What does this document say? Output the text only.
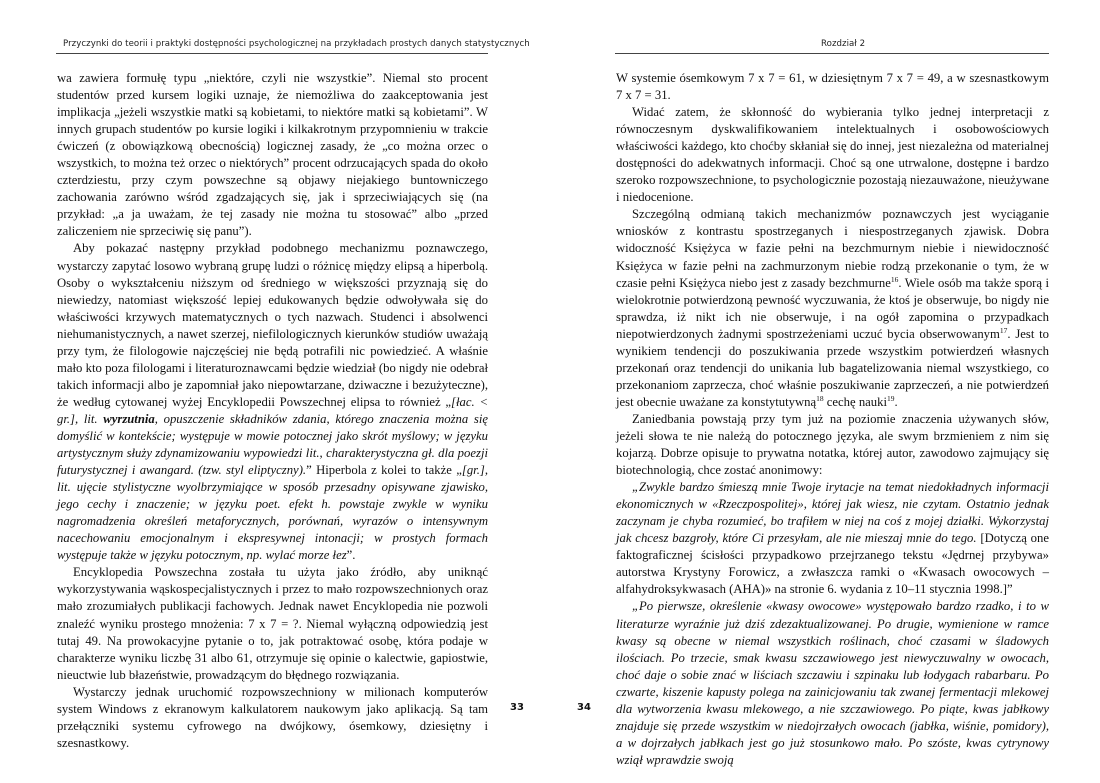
Przyczynki do teorii i praktyki dostępności psychologicznej na przykładach prostych danych statystycznych

wa zawiera formułę typu „niektóre, czyli nie wszystkie”. Niemal sto procent studentów przed kursem logiki uznaje, że niemożliwa do zaakceptowania jest implikacja „jeżeli wszystkie matki są kobietami, to niektóre matki są kobietami”. W innych grupach studentów po kursie logiki i kilkakrotnym przypomnieniu w trakcie ćwiczeń (z obowiązkową obecnością) logicznej zasady, że „co można orzec o wszystkich, to można też orzec o niektórych” procent odrzucających spada do około czterdziestu, przy czym powszechne są objawy niejakiego buntowniczego zachowania zarówno wśród zgadzających się, jak i sprzeciwiających się (na przykład: „a ja uważam, że tej zasady nie można tu stosować” albo „przed zaliczeniem nie sprzeciwię się panu”).

Aby pokazać następny przykład podobnego mechanizmu poznawczego, wystarczy zapytać losowo wybraną grupę ludzi o różnicę między elipsą a hiperbolą. Osoby o wykształceniu niższym od średniego w większości przyznają się do niewiedzy, natomiast większość lepiej edukowanych będzie odwoływała się do właściwości krzywych matematycznych o tych nazwach. Studenci i absolwenci niehumanistycznych, a nawet szerzej, niefilologicznych kierunków studiów uważają przy tym, że filologowie najczęściej nie będą potrafili nic powiedzieć. A właśnie mało kto poza filologami i literaturoznawcami będzie wiedział (bo nigdy nie odebrał takich informacji albo je zapomniał jako niepowtarzane, dziwaczne i bezużyteczne), że według cytowanej wyżej Encyklopedii Powszechnej elipsa to również „[łac. < gr.], lit. wyrzutnia, opuszczenie składników zdania, którego znaczenia można się domyślić w kontekście; występuje w mowie potocznej jako skrót myślowy; w języku artystycznym służy zdynamizowaniu wypowiedzi lit., charakterystyczna gł. dla poezji futurystycznej i awangard. (tzw. styl eliptyczny).” Hiperbola z kolei to także „[gr.], lit. ujęcie stylistyczne wyolbrzymiające w sposób przesadny opisywane zjawisko, jego cechy i znaczenie; w języku poet. efekt h. powstaje zwykle w wyniku nagromadzenia określeń metaforycznych, porównań, wyrazów o intensywnym nacechowaniu emocjonalnym i ekspresywnej intonacji; w prostych formach występuje także w języku potocznym, np. wylać morze łez”.

Encyklopedia Powszechna została tu użyta jako źródło, aby uniknąć wykorzystywania wąskospecjalistycznych i przez to mało rozpowszechnionych oraz mało zrozumiałych publikacji fachowych. Jednak nawet Encyklopedia nie pozwoli znaleźć wyniku prostego mnożenia: 7 x 7 = ?. Niemal wyłączną odpowiedzią jest tutaj 49. Na prowokacyjne pytanie o to, jak potraktować osobę, która podaje w charakterze wyniku liczbę 31 albo 61, otrzymuje się opinie o kalectwie, gapiostwie, nieuctwie lub błazeństwie, prowadzącym do błędnego rozwiązania.

Wystarczy jednak uruchomić rozpowszechniony w milionach komputerów system Windows z ekranowym kalkulatorem naukowym jako aplikacją. Są tam przełączniki systemu cyfrowego na dwójkowy, ósemkowy, dziesiętny i szesnastkowy.

33
Rozdział 2

W systemie ósemkowym 7 x 7 = 61, w dziesiętnym 7 x 7 = 49, a w szesnastkowym 7 x 7 = 31.

Widać zatem, że skłonność do wybierania tylko jednej interpretacji z równoczesnym dyskwalifikowaniem intelektualnych i osobowościowych właściwości każdego, kto choćby skłaniał się do innej, jest niezależna od materialnej dostępności do adekwatnych informacji. Choć są one utrwalone, dostępne i bardzo szeroko rozpowszechnione, to psychologicznie pozostają niezauważone, nieużywane i niedocenione.

Szczególną odmianą takich mechanizmów poznawczych jest wyciąganie wniosków z kontrastu spostrzeganych i niespostrzeganych zjawisk. Dobra widoczność Księżyca w fazie pełni na bezchmurnym niebie i niewidoczność Księżyca w fazie pełni na zachmurzonym niebie rodzą przekonanie o tym, że w czasie pełni Księżyca niebo jest z zasady bezchmurne$^{16}$. Wiele osób ma także sporą i wielokrotnie potwierdzoną pewność wyczuwania, że ktoś je obserwuje, bo nigdy nie sprawdza, iż nikt ich nie obserwuje, i na ogół zapomina o przypadkach niepotwierdzonych żadnymi spostrzeżeniami uczuć bycia obserwowanym$^{17}$. Jest to wynikiem tendencji do poszukiwania przede wszystkim potwierdzeń własnych przekonań oraz tendencji do unikania lub bagatelizowania niemal wszystkiego, co przekonaniom zaprzecza, choć właśnie poszukiwanie zaprzeczeń, a nie potwierdzeń jest obecnie uważane za konstytutywną$^{18}$ cechę nauki$^{19}$.

Zaniedbania powstają przy tym już na poziomie znaczenia używanych słów, jeżeli słowa te nie należą do potocznego języka, ale swym brzmieniem z nim się kojarzą. Dobrze opisuje to prywatna notatka, której autor, zawodowo zajmujący się biotechnologią, chce zostać anonimowy:

„Zwykle bardzo śmieszą mnie Twoje irytacje na temat niedokładnych informacji ekonomicznych w «Rzeczpospolitej», której jak wiesz, nie czytam. Ostatnio jednak zaczynam je chyba rozumieć, bo trafiłem w niej na coś z mojej działki. Wykorzystaj jak chcesz bazgroły, które Ci przesyłam, ale nie mieszaj mnie do tego. [Dotyczą one faktograficznej ścisłości przypadkowo przejrzanego tekstu «Jędrnej przybywa» autorstwa Krystyny Forowicz, a zwłaszcza ramki o «Kwasach owocowych – alfahydroksykwasach (AHA)» na stronie 6. wydania z 10–11 stycznia 1998.]”

„Po pierwsze, określenie «kwasy owocowe» występowało bardzo rzadko, i to w literaturze wyraźnie już dziś zdezaktualizowanej. Po drugie, wymienione w ramce kwasy są obecne w niemal wszystkich roślinach, choć czasami w śladowych ilościach. Po trzecie, smak kwasu szczawiowego jest niewyczuwalny w owocach, choć daje o sobie znać w liściach szczawiu i szpinaku lub łodygach rabarbaru. Po czwarte, kiszenie kapusty polega na zainicjowaniu tak zwanej fermentacji mlekowej dla wytworzenia kwasu mlekowego, a nie szczawiowego. Po piąte, kwas jabłkowy znajduje się przede wszystkim w niedojrzałych owocach (jabłka, wiśnie, pomidory), a w dojrzałych jabłkach jest go już stosunkowo mało. Po szóste, kwas cytrynowy wziął wprawdzie swoją

34
